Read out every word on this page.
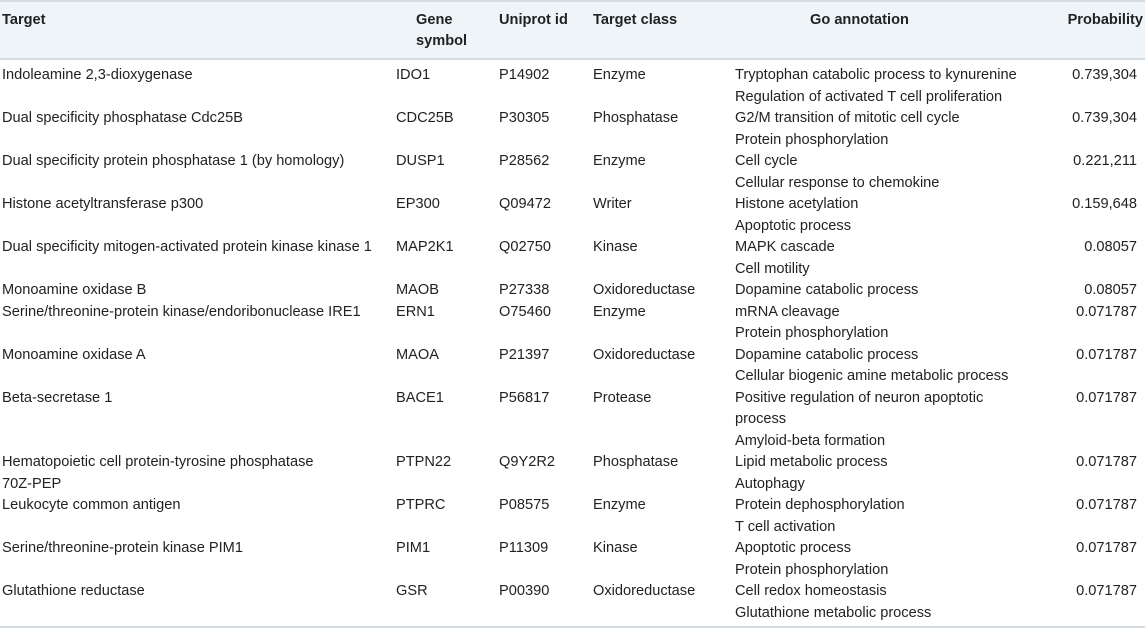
Target	Gene symbol	Uniprot id	Target class	Go annotation	Probability

Indoleamine 2,3-dioxygenase	IDO1	P14902	Enzyme	Tryptophan catabolic process to kynurenine
Regulation of activated T cell proliferation	0.739,304

Dual specificity phosphatase Cdc25B	CDC25B	P30305	Phosphatase	G2/M transition of mitotic cell cycle
Protein phosphorylation	0.739,304

Dual specificity protein phosphatase 1 (by homology)	DUSP1	P28562	Enzyme	Cell cycle
Cellular response to chemokine	0.221,211

Histone acetyltransferase p300	EP300	Q09472	Writer	Histone acetylation
Apoptotic process	0.159,648

Dual specificity mitogen-activated protein kinase kinase 1	MAP2K1	Q02750	Kinase	MAPK cascade
Cell motility	0.08057

Monoamine oxidase B	MAOB	P27338	Oxidoreductase	Dopamine catabolic process	0.08057

Serine/threonine-protein kinase/endoribonuclease IRE1	ERN1	O75460	Enzyme	mRNA cleavage
Protein phosphorylation	0.071787

Monoamine oxidase A	MAOA	P21397	Oxidoreductase	Dopamine catabolic process
Cellular biogenic amine metabolic process	0.071787

Beta-secretase 1	BACE1	P56817	Protease	Positive regulation of neuron apoptotic
process
Amyloid-beta formation	0.071787

Hematopoietic cell protein-tyrosine phosphatase
70Z-PEP	PTPN22	Q9Y2R2	Phosphatase	Lipid metabolic process
Autophagy	0.071787

Leukocyte common antigen	PTPRC	P08575	Enzyme	Protein dephosphorylation
T cell activation	0.071787

Serine/threonine-protein kinase PIM1	PIM1	P11309	Kinase	Apoptotic process
Protein phosphorylation	0.071787

Glutathione reductase	GSR	P00390	Oxidoreductase	Cell redox homeostasis
Glutathione metabolic process	0.071787
